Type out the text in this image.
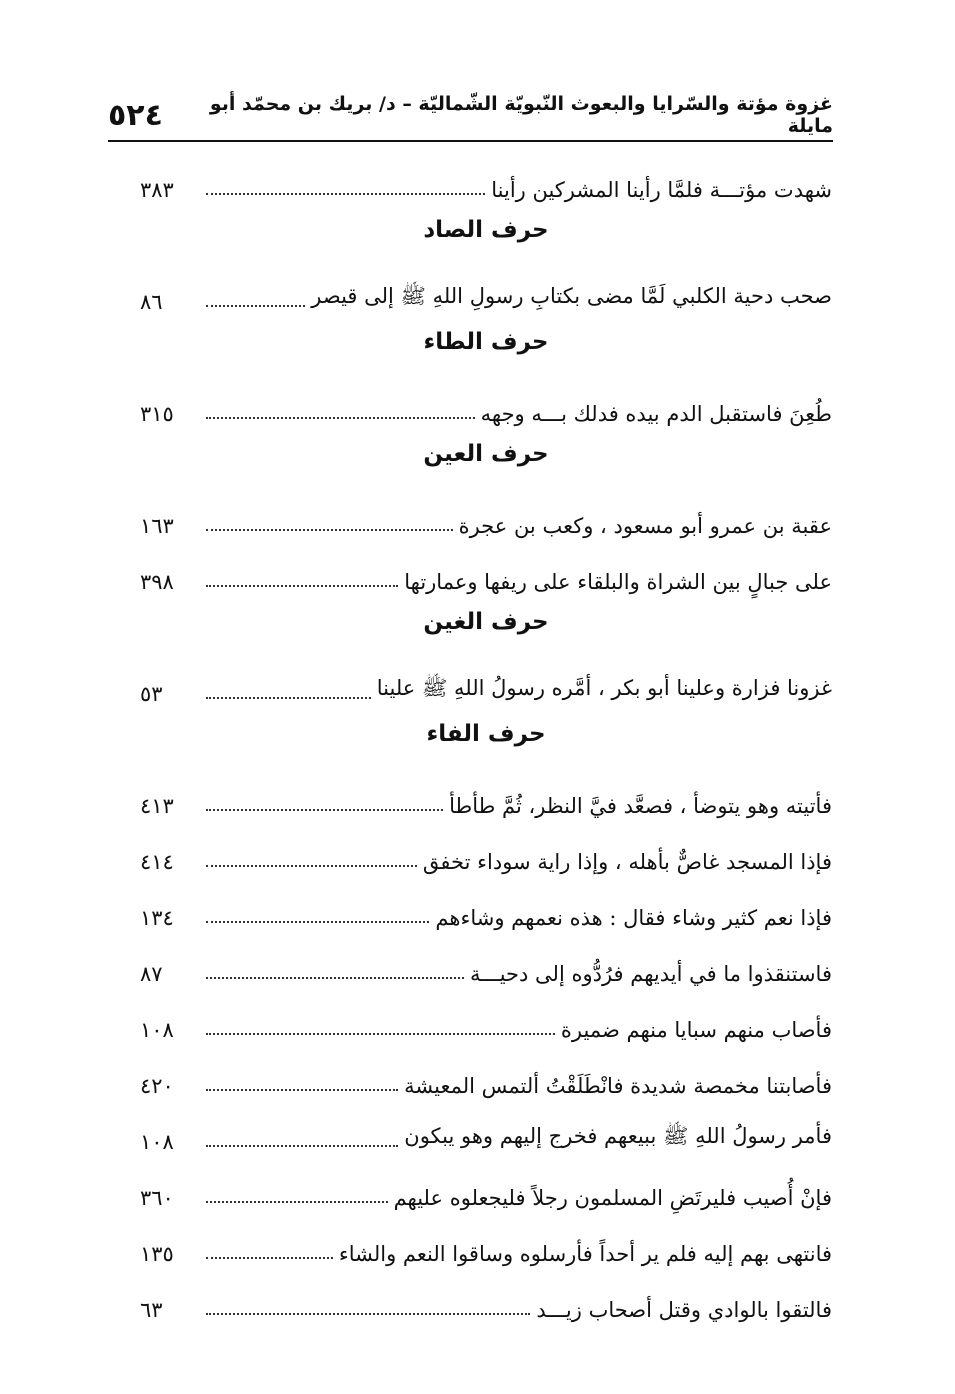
٥٢٤	غزوة مؤتة والسّرايا والبعوث النّبويّة الشّماليّة – د/ بريك بن محمّد أبو مايلة
شهدت مؤتـــة فلمَّا رأينا المشركين رأينا
٣٨٣
حرف الصاد
صحب دحية الكلبي لَمَّا مضى بكتابِ رسولِ اللهِ ﷺ إلى قيصر
٨٦
حرف الطاء
طُعِنَ فاستقبل الدم بيده فدلك بـــه وجهه
٣١٥
حرف العين
عقبة بن عمرو أبو مسعود ، وكعب بن عجرة
١٦٣
على جبالٍ بين الشراة والبلقاء على ريفها وعمارتها
٣٩٨
حرف الغين
غزونا فزارة وعلينا أبو بكر ، أمَّره رسولُ اللهِ ﷺ علينا
٥٣
حرف الفاء
فأتيته وهو يتوضأ ، فصعَّد فيَّ النظر، ثُمَّ طأطأ
٤١٣
فإذا المسجد غاصٌّ بأهله ، وإذا راية سوداء تخفق
٤١٤
فإذا نعم كثير وشاء فقال : هذه نعمهم وشاءهم
١٣٤
فاستنقذوا ما في أيديهم فرُدُّوه إلى دحيـــة
٨٧
فأصاب منهم سبايا منهم ضميرة
١٠٨
فأصابتنا مخمصة شديدة فانْطَلَقْتُ ألتمس المعيشة
٤٢٠
فأمر رسولُ اللهِ ﷺ ببيعهم فخرج إليهم وهو يبكون
١٠٨
فإنْ أُصيب فليرتَضِ المسلمون رجلاً فليجعلوه عليهم
٣٦٠
فانتهى بهم إليه فلم ير أحداً فأرسلوه وساقوا النعم والشاء
١٣٥
فالتقوا بالوادي وقتل أصحاب زيـــد
٦٣
